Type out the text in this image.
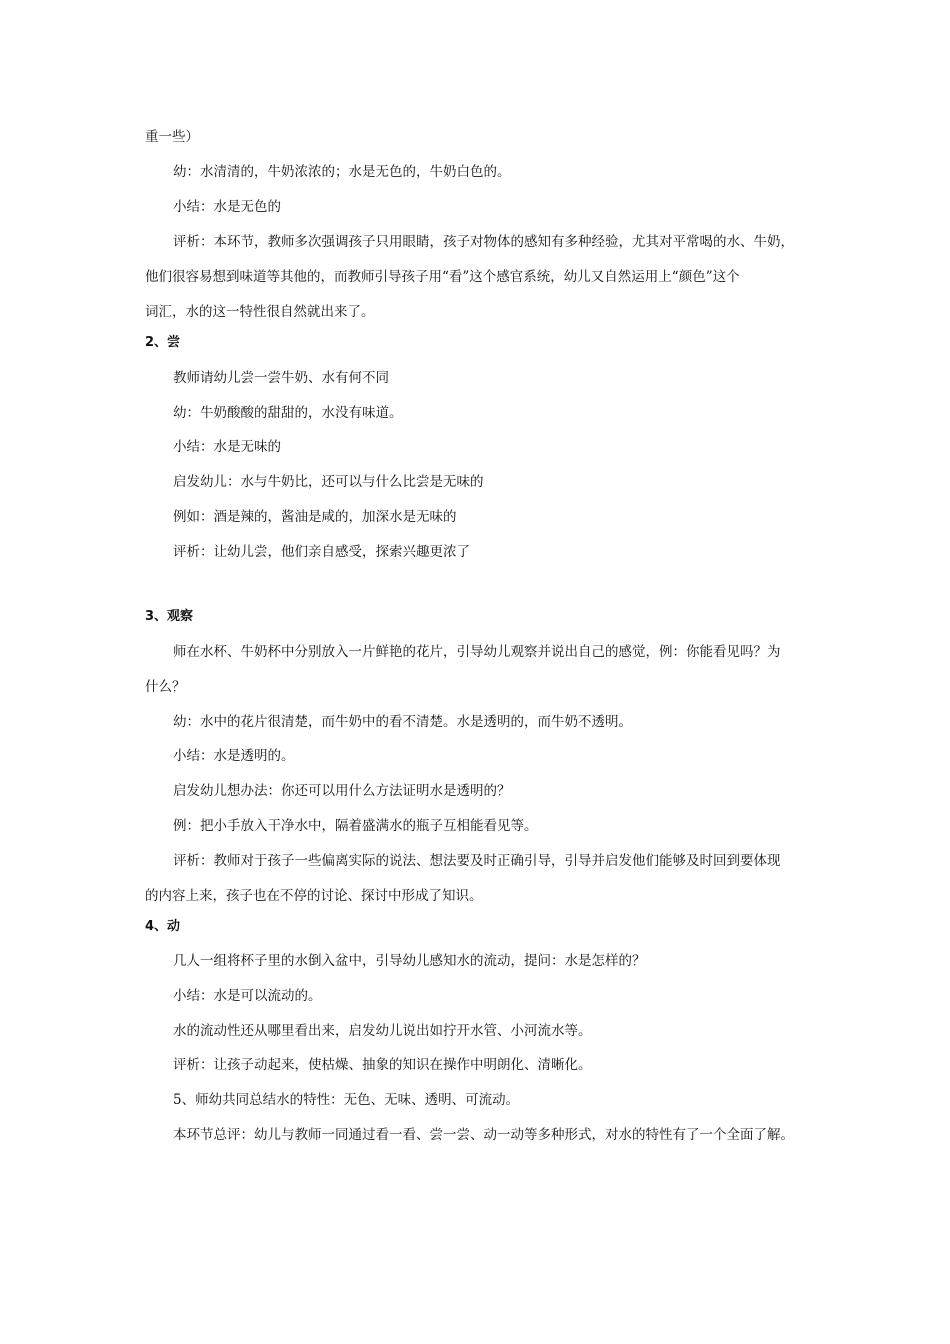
重一些）
幼：水清清的，牛奶浓浓的；水是无色的，牛奶白色的。
小结：水是无色的
评析：本环节，教师多次强调孩子只用眼睛，孩子对物体的感知有多种经验，尤其对平常喝的水、牛奶，
他们很容易想到味道等其他的，而教师引导孩子用“看”这个感官系统，幼儿又自然运用上“颜色”这个
词汇，水的这一特性很自然就出来了。
2、尝
教师请幼儿尝一尝牛奶、水有何不同
幼：牛奶酸酸的甜甜的，水没有味道。
小结：水是无味的
启发幼儿：水与牛奶比，还可以与什么比尝是无味的
例如：酒是辣的，酱油是咸的，加深水是无味的
评析：让幼儿尝，他们亲自感受，探索兴趣更浓了
3、观察
师在水杯、牛奶杯中分别放入一片鲜艳的花片，引导幼儿观察并说出自己的感觉，例：你能看见吗？为
什么？
幼：水中的花片很清楚，而牛奶中的看不清楚。水是透明的，而牛奶不透明。
小结：水是透明的。
启发幼儿想办法：你还可以用什么方法证明水是透明的？
例：把小手放入干净水中，隔着盛满水的瓶子互相能看见等。
评析：教师对于孩子一些偏离实际的说法、想法要及时正确引导，引导并启发他们能够及时回到要体现
的内容上来，孩子也在不停的讨论、探讨中形成了知识。
4、动
几人一组将杯子里的水倒入盆中，引导幼儿感知水的流动，提问：水是怎样的？
小结：水是可以流动的。
水的流动性还从哪里看出来，启发幼儿说出如拧开水管、小河流水等。
评析：让孩子动起来，使枯燥、抽象的知识在操作中明朗化、清晰化。
5、师幼共同总结水的特性：无色、无味、透明、可流动。
本环节总评：幼儿与教师一同通过看一看、尝一尝、动一动等多种形式，对水的特性有了一个全面了解。
